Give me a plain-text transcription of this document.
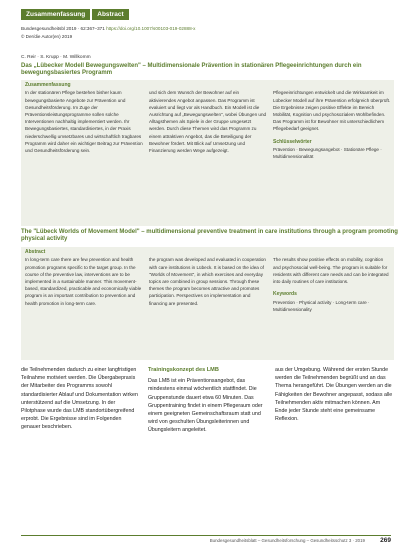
Zusammenfassung	Abstract
Bundesgesundheitsbl 2019 · 62:367–371 https://doi.org/10.1007/s00103-019-02888-x
© Der/die Autor(en) 2019
C. Reir · S. Krupp · M. Willkomm
Das „Lübecker Modell Bewegungswelten" – Multidimensionale Prävention in stationären Pflegeeinrichtungen durch ein bewegungsbasiertes Programm
Zusammenfassung
In der stationären Pflege bestehen bisher kaum bewegungsbasierte Angebote zur Prävention und Gesundheitsförderung. Im Zuge der Präventionsleistungsprogramme sollen solche Interventionen nachhaltig implementiert werden. Ihr Bewegungsbasiertes, standardisiertes, in der Praxis niederschwellig umsetzbares und wirtschaftlich tragbares Programm wird daher ein wichtiger Beitrag zur Prävention und Gesundheitsförderung sein.
und sich dem Wunsch der Bewohner auf ein aktivierendes Angebot anpassen. Das Programm ist evaluiert und liegt vor als Handbuch. Ein Modell ist die Ausrichtung auf „Bewegungswelten", wobei Übungen und Alltagsthemen als Spiele in der Gruppe umgesetzt werden. Durch diese Themen wird das Programm zu einem attraktiven Angebot, das die Beteiligung der Bewohner fördert. Mit Blick auf Umsetzung und Finanzierung werden Wege aufgezeigt.
Pflegeeinrichtungen entwickelt und die Wirksamkeit im Lübecker Modell auf ihre Prävention erfolgreich überprüft. Die Ergebnisse zeigen positive Effekte im Bereich Mobilität, Kognition und psychosozialem Wohlbefinden. Das Programm ist für Bewohner mit unterschiedlichem Pflegebedarf geeignet.
Schlüsselwörter
Prävention · Bewegungsangebot · Stationäre Pflege · Multidimensionalität
The "Lübeck Worlds of Movement Model" – multidimensional preventive treatment in care institutions through a program promoting physical activity
Abstract
In long-term care there are few prevention and health promotion programs specific to the target group. In the course of the preventive law, interventions are to be implemented in a sustainable manner. This movement-based, standardized, practicable and economically viable program is an important contribution to prevention and health promotion in long-term care.
the program was developed and evaluated in cooperation with care institutions in Lübeck. It is based on the idea of "Worlds of Movement", in which exercises and everyday topics are combined in group sessions. Through these themes the program becomes attractive and promotes participation. Perspectives on implementation and financing are presented.
The results show positive effects on mobility, cognition and psychosocial well-being. The program is suitable for residents with different care needs and can be integrated into daily routines of care institutions.
Keywords
Prevention · Physical activity · Long-term care · Multidimensionality
die Teilnehmenden dadurch zu einer langfristigen Teilnahme motiviert werden. Die Übergabepraxis der Mitarbeiter des Programms sowohl standardisierter Ablauf und Dokumentation wirken unterstützend auf die Umsetzung. In der Pilotphase wurde das LMB standortübergreifend erprobt. Die Ergebnisse sind im Folgenden genauer beschrieben.
Trainingskonzept des LMB
Das LMB ist ein Präventionsangebot, das mindestens einmal wöchentlich stattfindet. Die Gruppenstunde dauert etwa 60 Minuten. Das Gruppentraining findet in einem Pflegeraum oder einem geeigneten Gemeinschaftsraum statt und wird von geschulten Übungsleiterinnen und Übungsleitern angeleitet.
aus der Umgebung. Während der ersten Stunde werden die Teilnehmenden begrüßt und an das Thema herangeführt. Die Übungen werden an die Fähigkeiten der Bewohner angepasst, sodass alle Teilnehmenden aktiv mitmachen können. Am Ende jeder Stunde steht eine gemeinsame Reflexion.
Bundesgesundheitsblatt – Gesundheitsforschung – Gesundheitsschutz 3 · 2019 269
